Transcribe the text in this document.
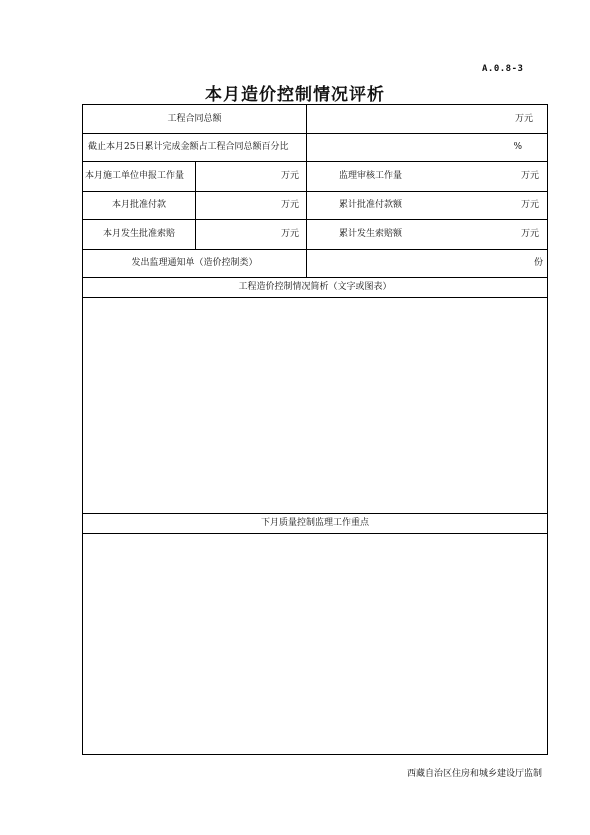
A.0.8-3
本月造价控制情况评析
工程合同总额	万元
截止本月25日累计完成金额占工程合同总额百分比	%
本月施工单位申报工作量	万元	监理审核工作量	万元
本月批准付款	万元	累计批准付款额	万元
本月发生批准索赔	万元	累计发生索赔额	万元
发出监理通知单（造价控制类）	份
工程造价控制情况简析（文字或图表）
下月质量控制监理工作重点
西藏自治区住房和城乡建设厅监制
